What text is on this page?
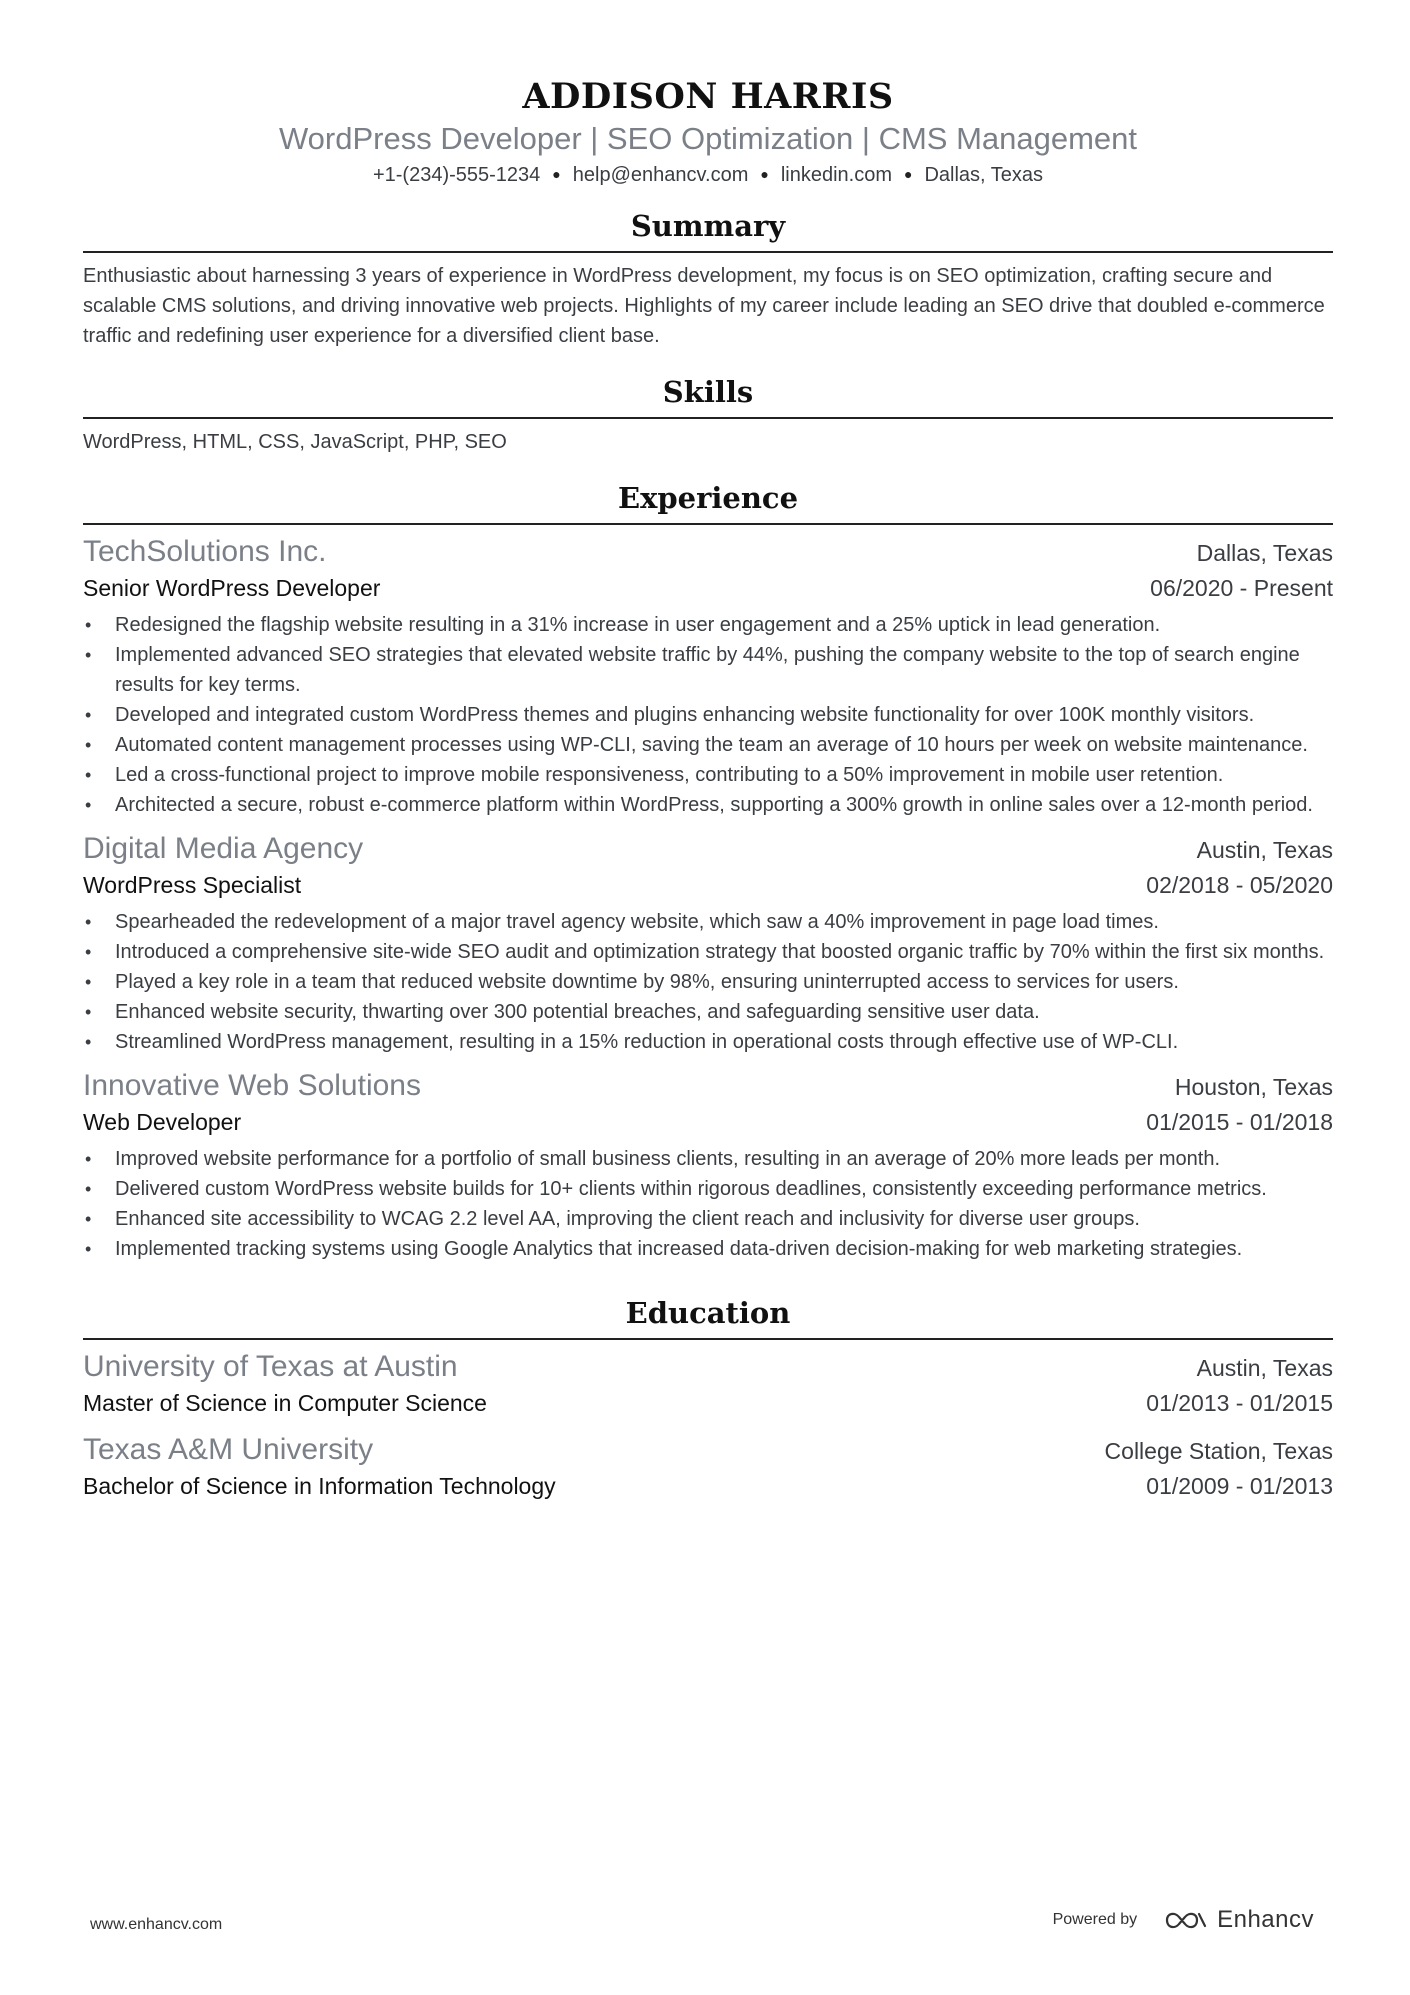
ADDISON HARRIS
WordPress Developer | SEO Optimization | CMS Management
+1-(234)-555-1234 ● help@enhancv.com ● linkedin.com ● Dallas, Texas
Summary
Enthusiastic about harnessing 3 years of experience in WordPress development, my focus is on SEO optimization, crafting secure and scalable CMS solutions, and driving innovative web projects. Highlights of my career include leading an SEO drive that doubled e-commerce traffic and redefining user experience for a diversified client base.
Skills
WordPress, HTML, CSS, JavaScript, PHP, SEO
Experience
TechSolutions Inc.	Dallas, Texas
Senior WordPress Developer	06/2020 - Present
• Redesigned the flagship website resulting in a 31% increase in user engagement and a 25% uptick in lead generation.
• Implemented advanced SEO strategies that elevated website traffic by 44%, pushing the company website to the top of search engine results for key terms.
• Developed and integrated custom WordPress themes and plugins enhancing website functionality for over 100K monthly visitors.
• Automated content management processes using WP-CLI, saving the team an average of 10 hours per week on website maintenance.
• Led a cross-functional project to improve mobile responsiveness, contributing to a 50% improvement in mobile user retention.
• Architected a secure, robust e-commerce platform within WordPress, supporting a 300% growth in online sales over a 12-month period.
Digital Media Agency	Austin, Texas
WordPress Specialist	02/2018 - 05/2020
• Spearheaded the redevelopment of a major travel agency website, which saw a 40% improvement in page load times.
• Introduced a comprehensive site-wide SEO audit and optimization strategy that boosted organic traffic by 70% within the first six months.
• Played a key role in a team that reduced website downtime by 98%, ensuring uninterrupted access to services for users.
• Enhanced website security, thwarting over 300 potential breaches, and safeguarding sensitive user data.
• Streamlined WordPress management, resulting in a 15% reduction in operational costs through effective use of WP-CLI.
Innovative Web Solutions	Houston, Texas
Web Developer	01/2015 - 01/2018
• Improved website performance for a portfolio of small business clients, resulting in an average of 20% more leads per month.
• Delivered custom WordPress website builds for 10+ clients within rigorous deadlines, consistently exceeding performance metrics.
• Enhanced site accessibility to WCAG 2.2 level AA, improving the client reach and inclusivity for diverse user groups.
• Implemented tracking systems using Google Analytics that increased data-driven decision-making for web marketing strategies.
Education
University of Texas at Austin	Austin, Texas
Master of Science in Computer Science	01/2013 - 01/2015
Texas A&M University	College Station, Texas
Bachelor of Science in Information Technology	01/2009 - 01/2013
www.enhancv.com	Powered by	Enhancv
